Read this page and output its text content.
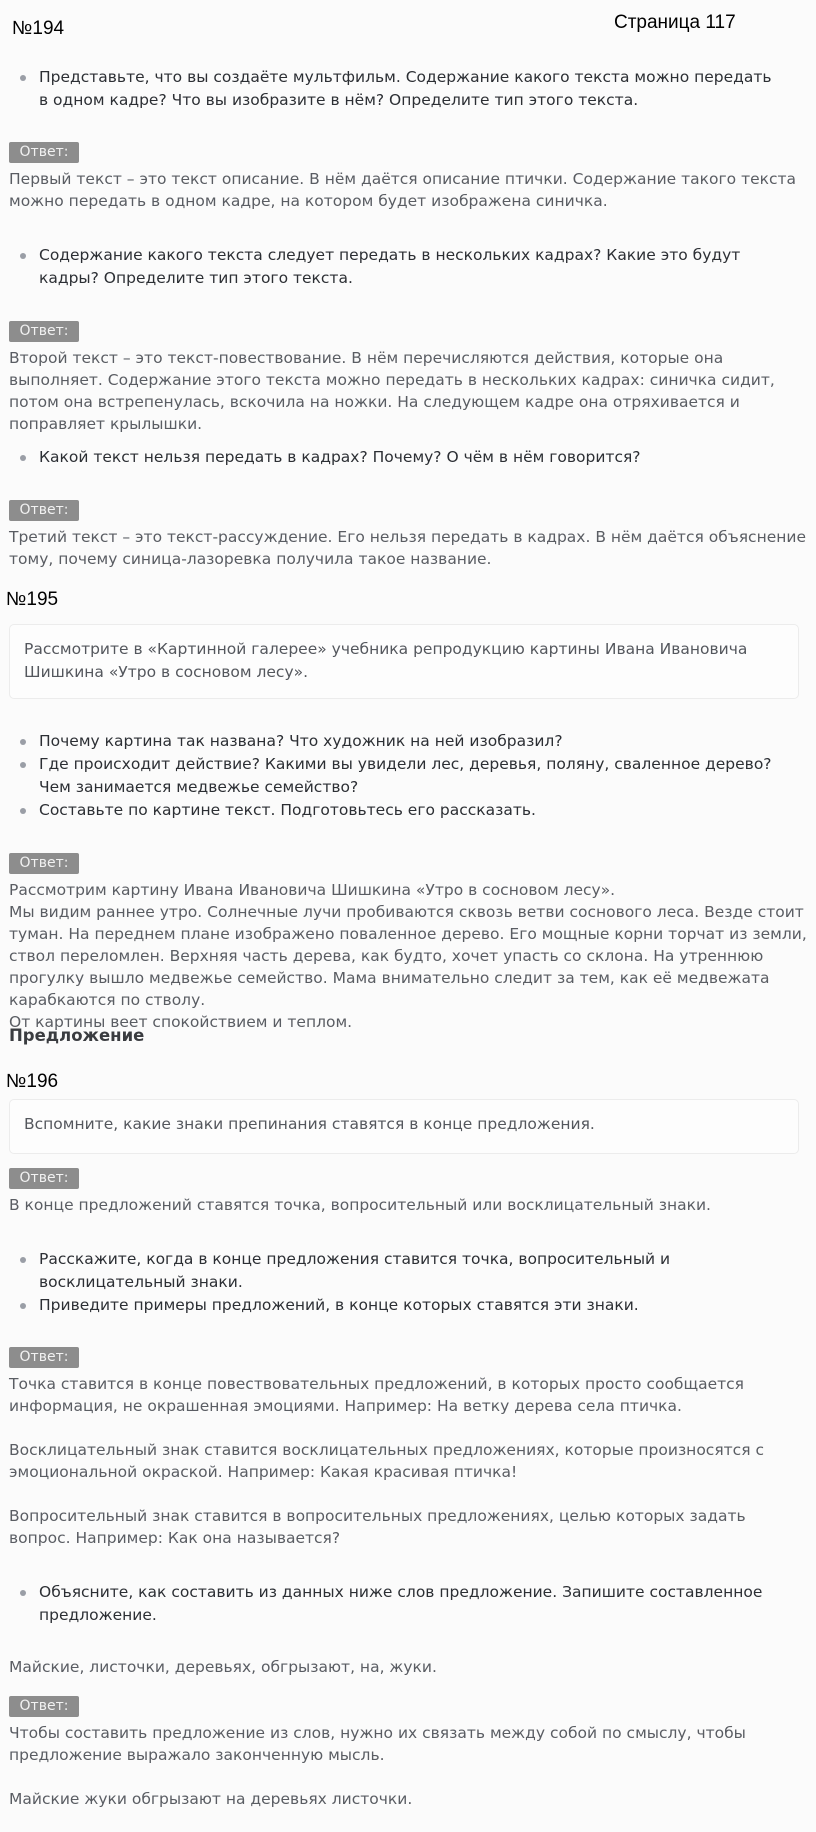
№194	Страница 117
Представьте, что вы создаёте мультфильм. Содержание какого текста можно передать в одном кадре? Что вы изобразите в нём? Определите тип этого текста.
Ответ:

Первый текст – это текст описание. В нём даётся описание птички. Содержание такого текста можно передать в одном кадре, на котором будет изображена синичка.

Содержание какого текста следует передать в нескольких кадрах? Какие это будут кадры? Определите тип этого текста.
Ответ:

Второй текст – это текст-повествование. В нём перечисляются действия, которые она выполняет. Содержание этого текста можно передать в нескольких кадрах: синичка сидит, потом она встрепенулась, вскочила на ножки. На следующем кадре она отряхивается и поправляет крылышки.

Какой текст нельзя передать в кадрах? Почему? О чём в нём говорится?
Ответ:

Третий текст – это текст-рассуждение. Его нельзя передать в кадрах. В нём даётся объяснение тому, почему синица-лазоревка получила такое название.

№195
Рассмотрите в «Картинной галерее» учебника репродукцию картины Ивана Ивановича Шишкина «Утро в сосновом лесу».
Почему картина так названа? Что художник на ней изобразил?
Где происходит действие? Какими вы увидели лес, деревья, поляну, сваленное дерево? Чем занимается медвежье семейство?
Составьте по картине текст. Подготовьтесь его рассказать.
Ответ:

Рассмотрим картину Ивана Ивановича Шишкина «Утро в сосновом лесу».

Мы видим раннее утро. Солнечные лучи пробиваются сквозь ветви соснового леса. Везде стоит туман. На переднем плане изображено поваленное дерево. Его мощные корни торчат из земли, ствол переломлен. Верхняя часть дерева, как будто, хочет упасть со склона. На утреннюю прогулку вышло медвежье семейство. Мама внимательно следит за тем, как её медвежата карабкаются по стволу.

От картины веет спокойствием и теплом.

Предложение
№196
Вспомните, какие знаки препинания ставятся в конце предложения.
Ответ:

В конце предложений ставятся точка, вопросительный или восклицательный знаки.

Расскажите, когда в конце предложения ставится точка, вопросительный и восклицательный знаки.
Приведите примеры предложений, в конце которых ставятся эти знаки.
Ответ:

Точка ставится в конце повествовательных предложений, в которых просто сообщается информация, не окрашенная эмоциями. Например: На ветку дерева села птичка.

Восклицательный знак ставится восклицательных предложениях, которые произносятся с эмоциональной окраской. Например: Какая красивая птичка!

Вопросительный знак ставится в вопросительных предложениях, целью которых задать вопрос. Например: Как она называется?

Объясните, как составить из данных ниже слов предложение. Запишите составленное предложение.
Майские, листочки, деревьях, обгрызают, на, жуки.
Ответ:

Чтобы составить предложение из слов, нужно их связать между собой по смыслу, чтобы предложение выражало законченную мысль.

Майские жуки обгрызают на деревьях листочки.
